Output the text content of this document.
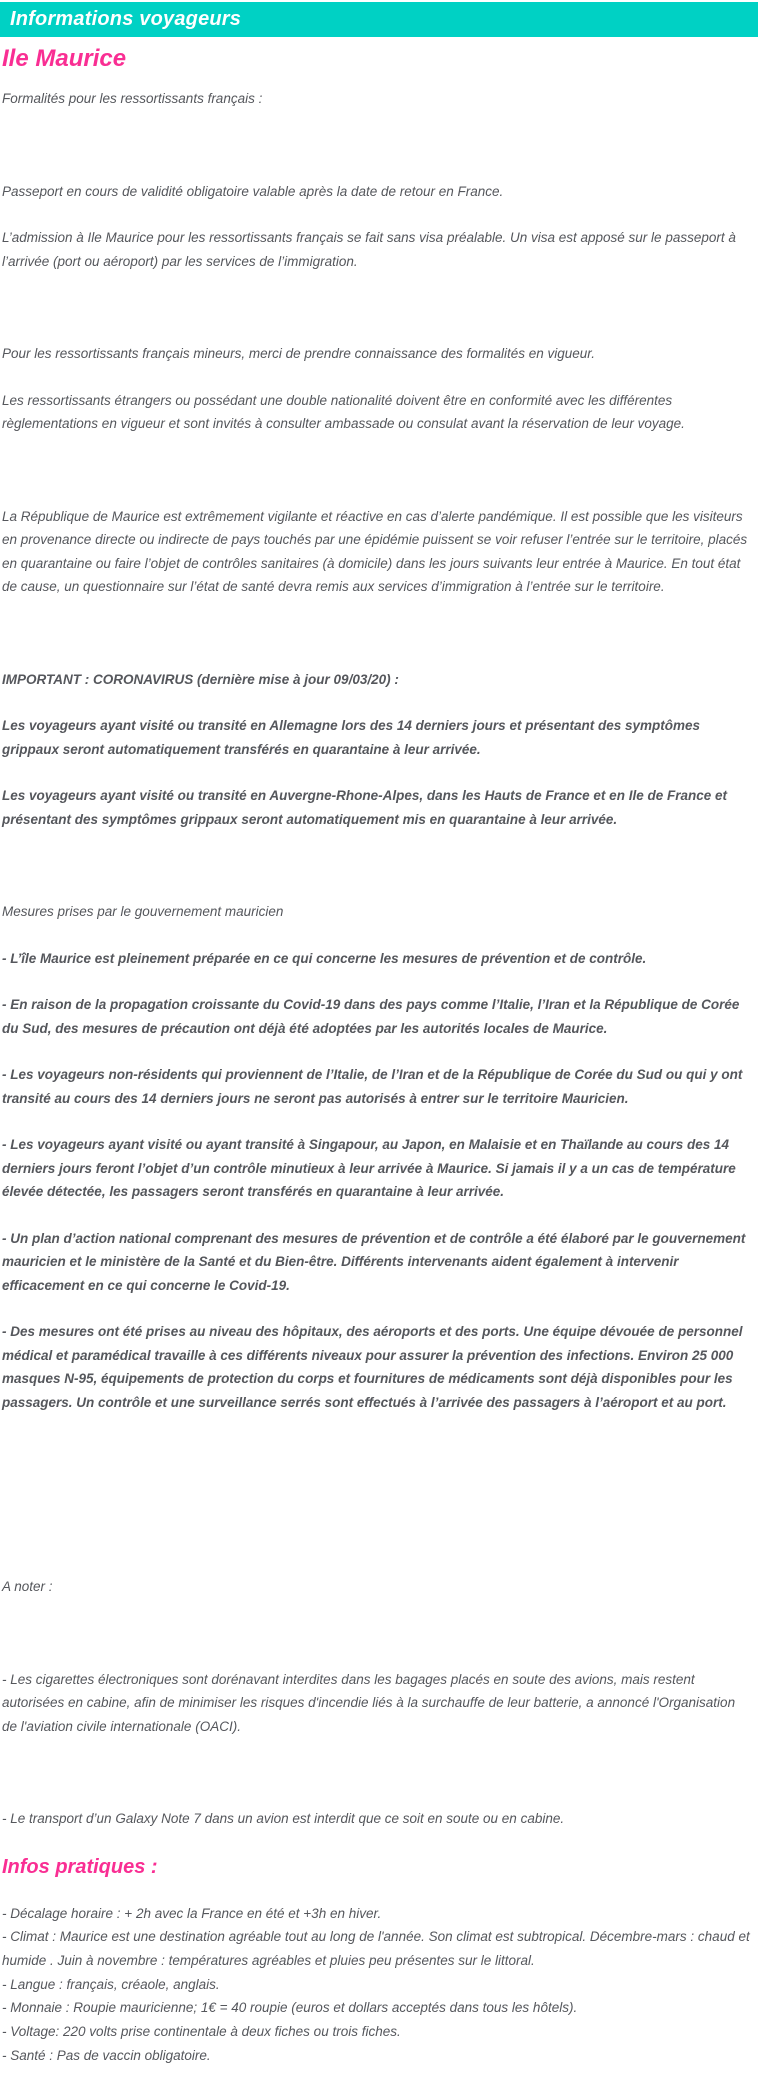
Informations voyageurs
Ile Maurice

Formalités pour les ressortissants français :

Passeport en cours de validité obligatoire valable après la date de retour en France.

L’admission à Ile Maurice pour les ressortissants français se fait sans visa préalable. Un visa est apposé sur le passeport à l’arrivée (port ou aéroport) par les services de l’immigration.

Pour les ressortissants français mineurs, merci de prendre connaissance des formalités en vigueur.

Les ressortissants étrangers ou possédant une double nationalité doivent être en conformité avec les différentes règlementations en vigueur et sont invités à consulter ambassade ou consulat avant la réservation de leur voyage.

La République de Maurice est extrêmement vigilante et réactive en cas d’alerte pandémique. Il est possible que les visiteurs en provenance directe ou indirecte de pays touchés par une épidémie puissent se voir refuser l’entrée sur le territoire, placés en quarantaine ou faire l’objet de contrôles sanitaires (à domicile) dans les jours suivants leur entrée à Maurice. En tout état de cause, un questionnaire sur l’état de santé devra remis aux services d’immigration à l’entrée sur le territoire.

IMPORTANT : CORONAVIRUS (dernière mise à jour 09/03/20) :

Les voyageurs ayant visité ou transité en Allemagne lors des 14 derniers jours et présentant des symptômes grippaux seront automatiquement transférés en quarantaine à leur arrivée.

Les voyageurs ayant visité ou transité en Auvergne-Rhone-Alpes, dans les Hauts de France et en Ile de France et présentant des symptômes grippaux seront automatiquement mis en quarantaine à leur arrivée.

Mesures prises par le gouvernement mauricien

- L’île Maurice est pleinement préparée en ce qui concerne les mesures de prévention et de contrôle.

- En raison de la propagation croissante du Covid-19 dans des pays comme l’Italie, l’Iran et la République de Corée du Sud, des mesures de précaution ont déjà été adoptées par les autorités locales de Maurice.

- Les voyageurs non-résidents qui proviennent de l’Italie, de l’Iran et de la République de Corée du Sud ou qui y ont transité au cours des 14 derniers jours ne seront pas autorisés à entrer sur le territoire Mauricien.

- Les voyageurs ayant visité ou ayant transité à Singapour, au Japon, en Malaisie et en Thaïlande au cours des 14 derniers jours feront l’objet d’un contrôle minutieux à leur arrivée à Maurice. Si jamais il y a un cas de température élevée détectée, les passagers seront transférés en quarantaine à leur arrivée.

- Un plan d’action national comprenant des mesures de prévention et de contrôle a été élaboré par le gouvernement mauricien et le ministère de la Santé et du Bien-être. Différents intervenants aident également à intervenir efficacement en ce qui concerne le Covid-19.

- Des mesures ont été prises au niveau des hôpitaux, des aéroports et des ports. Une équipe dévouée de personnel médical et paramédical travaille à ces différents niveaux pour assurer la prévention des infections. Environ 25 000 masques N-95, équipements de protection du corps et fournitures de médicaments sont déjà disponibles pour les passagers. Un contrôle et une surveillance serrés sont effectués à l’arrivée des passagers à l’aéroport et au port.

A noter :

- Les cigarettes électroniques sont dorénavant interdites dans les bagages placés en soute des avions, mais restent autorisées en cabine, afin de minimiser les risques d'incendie liés à la surchauffe de leur batterie, a annoncé l'Organisation de l'aviation civile internationale (OACI).

- Le transport d’un Galaxy Note 7 dans un avion est interdit que ce soit en soute ou en cabine.

Infos pratiques :
- Décalage horaire : + 2h avec la France en été et +3h en hiver.
- Climat : Maurice est une destination agréable tout au long de l'année. Son climat est subtropical. Décembre-mars : chaud et humide . Juin à novembre : températures agréables et pluies peu présentes sur le littoral.
- Langue : français, créaole, anglais.
- Monnaie : Roupie mauricienne; 1€ = 40 roupie (euros et dollars acceptés dans tous les hôtels).
- Voltage: 220 volts prise continentale à deux fiches ou trois fiches.
- Santé : Pas de vaccin obligatoire.
